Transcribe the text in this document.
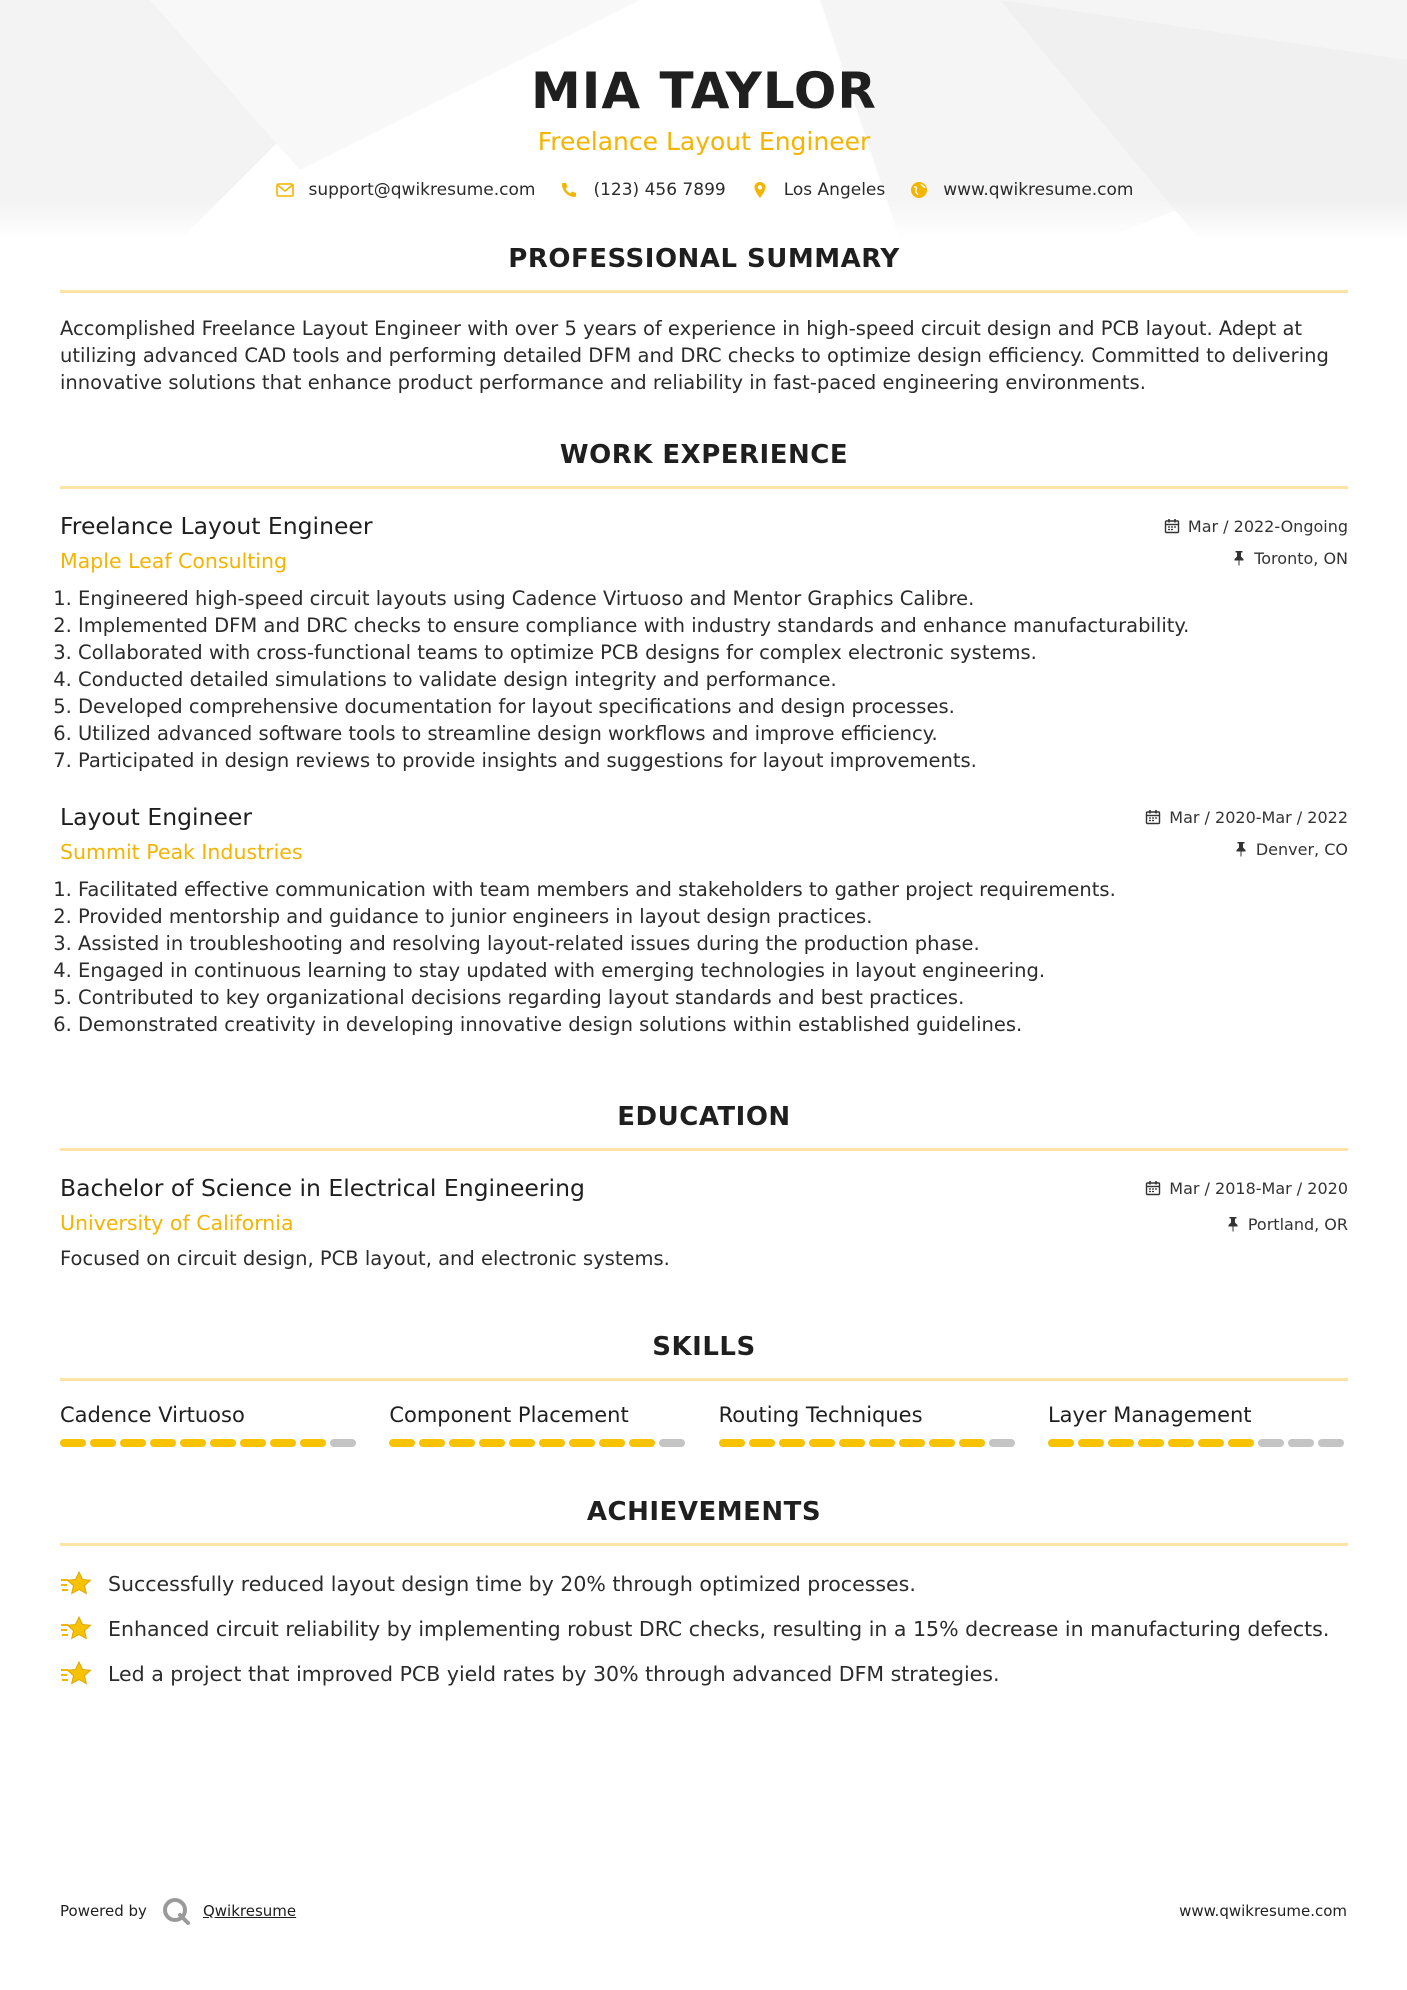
MIA TAYLOR
Freelance Layout Engineer
support@qwikresume.com	(123) 456 7899	Los Angeles	www.qwikresume.com
PROFESSIONAL SUMMARY
Accomplished Freelance Layout Engineer with over 5 years of experience in high-speed circuit design and PCB layout. Adept at utilizing advanced CAD tools and performing detailed DFM and DRC checks to optimize design efficiency. Committed to delivering innovative solutions that enhance product performance and reliability in fast-paced engineering environments.
WORK EXPERIENCE
Freelance Layout Engineer
Maple Leaf Consulting
Mar / 2022-Ongoing
Toronto, ON
1. Engineered high-speed circuit layouts using Cadence Virtuoso and Mentor Graphics Calibre.
2. Implemented DFM and DRC checks to ensure compliance with industry standards and enhance manufacturability.
3. Collaborated with cross-functional teams to optimize PCB designs for complex electronic systems.
4. Conducted detailed simulations to validate design integrity and performance.
5. Developed comprehensive documentation for layout specifications and design processes.
6. Utilized advanced software tools to streamline design workflows and improve efficiency.
7. Participated in design reviews to provide insights and suggestions for layout improvements.
Layout Engineer
Summit Peak Industries
Mar / 2020-Mar / 2022
Denver, CO
1. Facilitated effective communication with team members and stakeholders to gather project requirements.
2. Provided mentorship and guidance to junior engineers in layout design practices.
3. Assisted in troubleshooting and resolving layout-related issues during the production phase.
4. Engaged in continuous learning to stay updated with emerging technologies in layout engineering.
5. Contributed to key organizational decisions regarding layout standards and best practices.
6. Demonstrated creativity in developing innovative design solutions within established guidelines.
EDUCATION
Bachelor of Science in Electrical Engineering
University of California
Mar / 2018-Mar / 2020
Portland, OR
Focused on circuit design, PCB layout, and electronic systems.
SKILLS
Cadence Virtuoso	Component Placement	Routing Techniques	Layer Management
ACHIEVEMENTS
Successfully reduced layout design time by 20% through optimized processes.
Enhanced circuit reliability by implementing robust DRC checks, resulting in a 15% decrease in manufacturing defects.
Led a project that improved PCB yield rates by 30% through advanced DFM strategies.
Powered by	Qwikresume	www.qwikresume.com
